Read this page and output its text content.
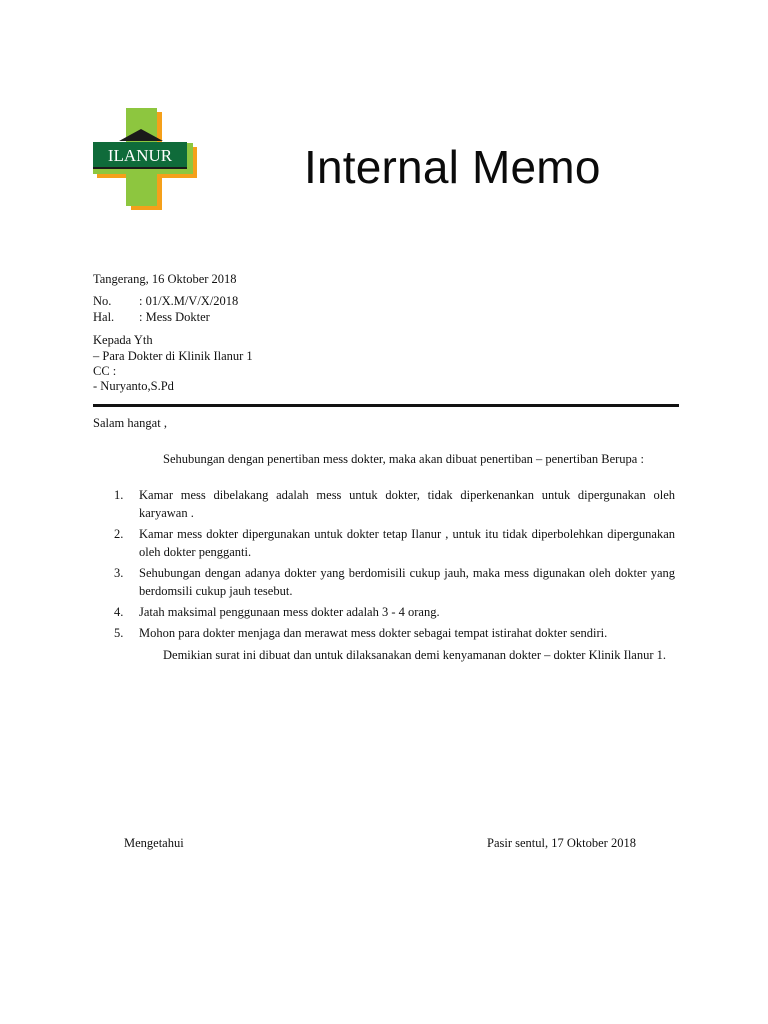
ILANUR	Internal Memo
Tangerang, 16 Oktober 2018
No. : 01/X.M/V/X/2018
Hal. : Mess Dokter
Kepada Yth
– Para Dokter di Klinik Ilanur 1
CC :
- Nuryanto,S.Pd
Salam hangat ,
Sehubungan dengan penertiban mess dokter, maka akan dibuat penertiban – penertiban Berupa :
1. Kamar mess dibelakang adalah mess untuk dokter, tidak diperkenankan untuk dipergunakan oleh karyawan .
2. Kamar mess dokter dipergunakan untuk dokter tetap Ilanur , untuk itu tidak diperbolehkan dipergunakan oleh dokter pengganti.
3. Sehubungan dengan adanya dokter yang berdomisili cukup jauh, maka mess digunakan oleh dokter yang berdomsili cukup jauh tesebut.
4. Jatah maksimal penggunaan mess dokter adalah 3 - 4 orang.
5. Mohon para dokter menjaga dan merawat mess dokter sebagai tempat istirahat dokter sendiri.
Demikian surat ini dibuat dan untuk dilaksanakan demi kenyamanan dokter – dokter Klinik Ilanur 1.
Mengetahui	Pasir sentul, 17 Oktober 2018
